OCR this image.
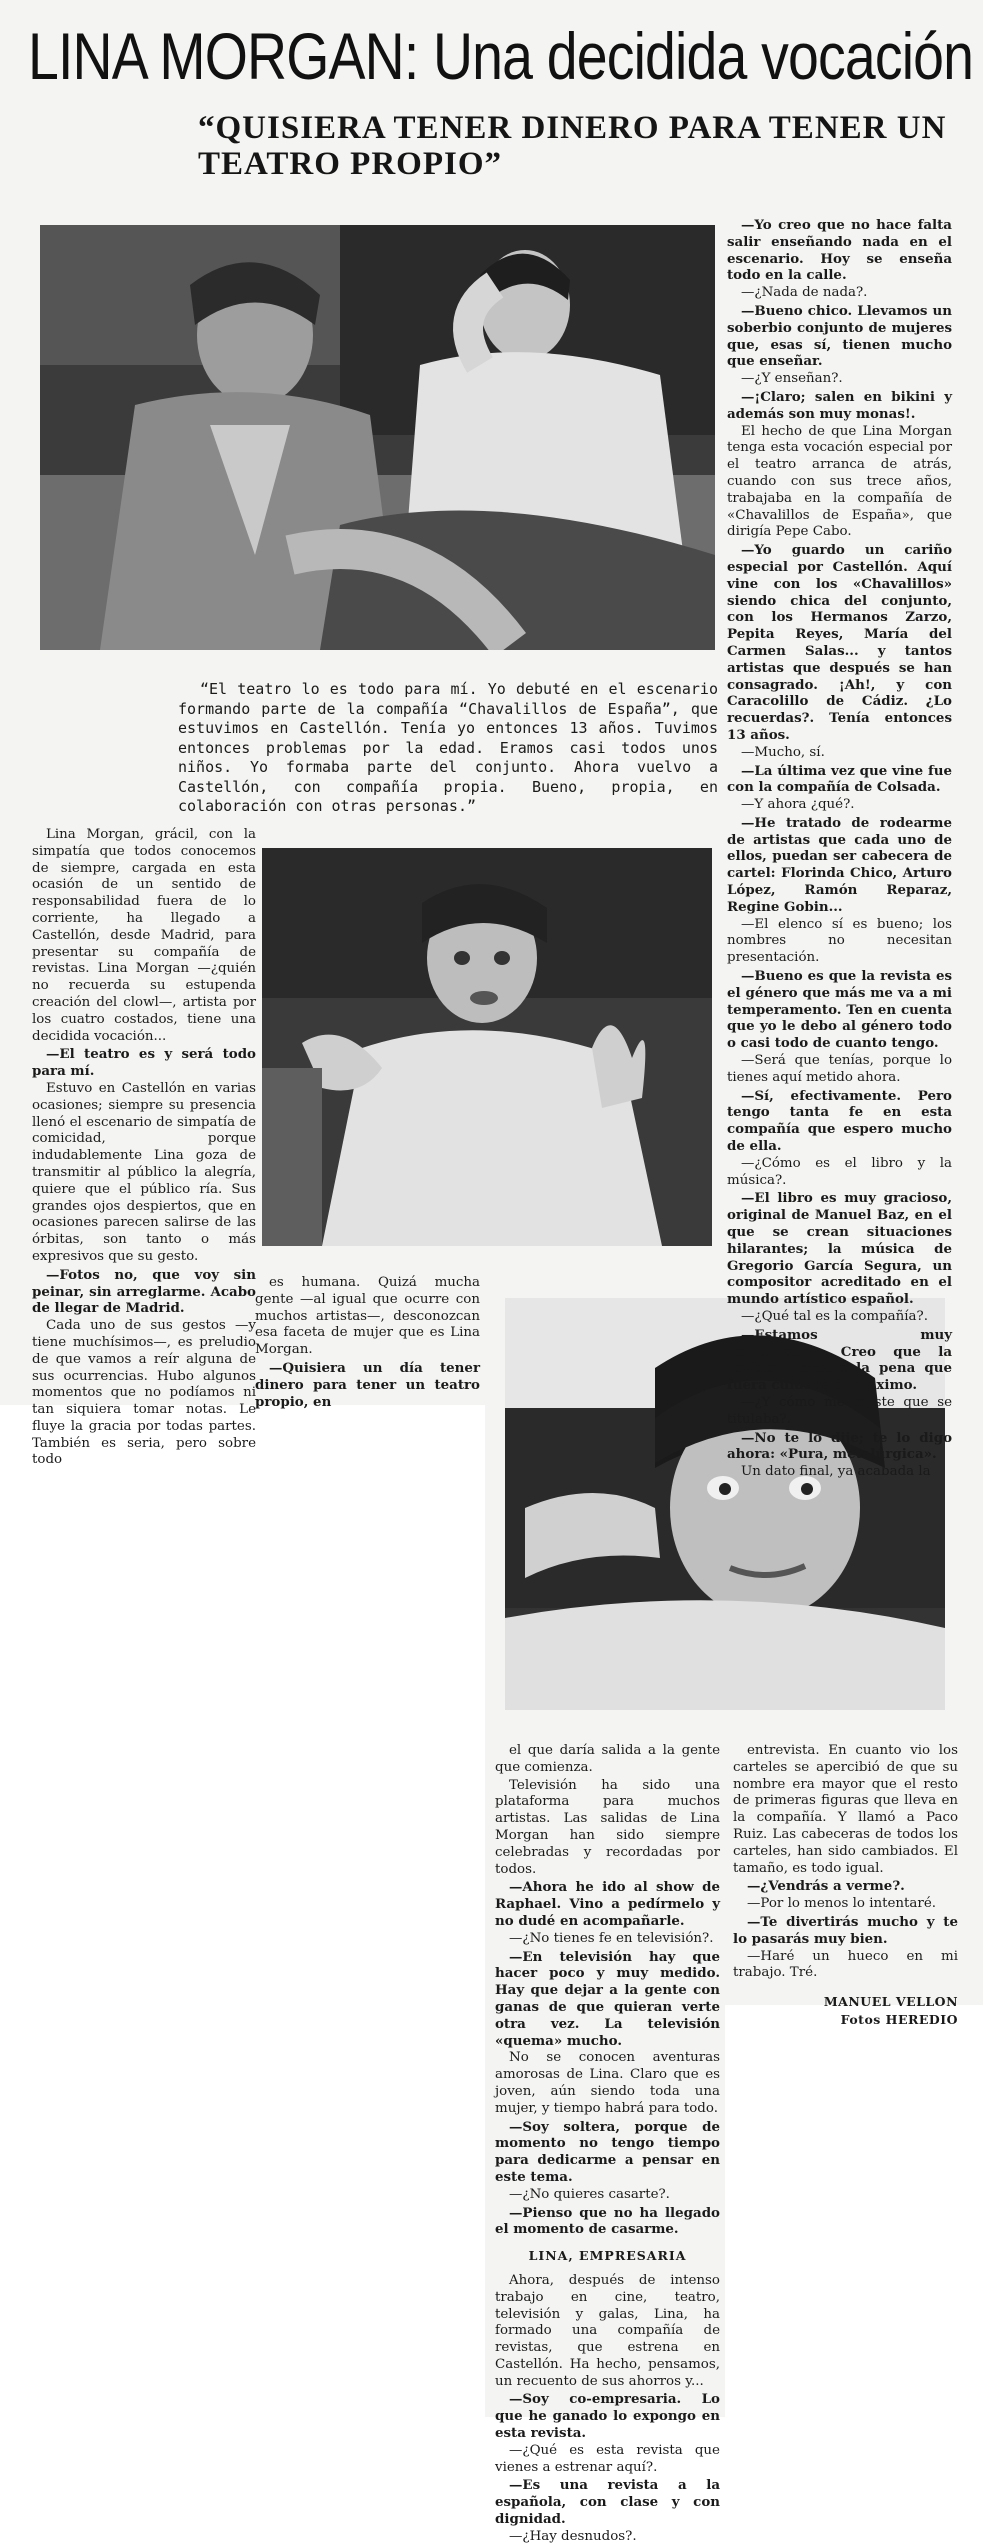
LINA MORGAN: Una decidida vocación
“QUISIERA TENER DINERO PARA TENER UN TEATRO PROPIO”

“El teatro lo es todo para mí. Yo debuté en el escenario formando parte de la compañía “Chavalillos de España”, que estuvimos en Castellón. Tenía yo entonces 13 años. Tuvimos entonces problemas por la edad. Eramos casi todos unos niños. Yo formaba parte del conjunto. Ahora vuelvo a Castellón, con compañía propia. Bueno, propia, en colaboración con otras personas.”

Lina Morgan, grácil, con la simpatía que todos conocemos de siempre, cargada en esta ocasión de un sentido de responsabilidad fuera de lo corriente, ha llegado a Castellón, desde Madrid, para presentar su compañía de revistas. Lina Morgan —¿quién no recuerda su estupenda creación del clowl—, artista por los cuatro costados, tiene una decidida vocación...

—El teatro es y será todo para mí.

Estuvo en Castellón en varias ocasiones; siempre su presencia llenó el escenario de simpatía de comicidad, porque indudablemente Lina goza de transmitir al público la alegría, quiere que el público ría. Sus grandes ojos despiertos, que en ocasiones parecen salirse de las órbitas, son tanto o más expresivos que su gesto.

—Fotos no, que voy sin peinar, sin arreglarme. Acabo de llegar de Madrid.

Cada uno de sus gestos —y tiene muchísimos—, es preludio de que vamos a reír alguna de sus ocurrencias. Hubo algunos momentos que no podíamos ni tan siquiera tomar notas. Le fluye la gracia por todas partes. También es seria, pero sobre todo

es humana. Quizá mucha gente —al igual que ocurre con muchos artistas—, desconozcan esa faceta de mujer que es Lina Morgan.

—Quisiera un día tener dinero para tener un teatro propio, en

—Yo creo que no hace falta salir enseñando nada en el escenario. Hoy se enseña todo en la calle.

—¿Nada de nada?.

—Bueno chico. Llevamos un soberbio conjunto de mujeres que, esas sí, tienen mucho que enseñar.

—¿Y enseñan?.

—¡Claro; salen en bikini y además son muy monas!.

El hecho de que Lina Morgan tenga esta vocación especial por el teatro arranca de atrás, cuando con sus trece años, trabajaba en la compañía de «Chavalillos de España», que dirigía Pepe Cabo.

—Yo guardo un cariño especial por Castellón. Aquí vine con los «Chavalillos» siendo chica del conjunto, con los Hermanos Zarzo, Pepita Reyes, María del Carmen Salas... y tantos artistas que después se han consagrado. ¡Ah!, y con Caracolillo de Cádiz. ¿Lo recuerdas?. Tenía entonces 13 años.

—Mucho, sí.

—La última vez que vine fue con la compañía de Colsada.

—Y ahora ¿qué?.

—He tratado de rodearme de artistas que cada uno de ellos, puedan ser cabecera de cartel: Florinda Chico, Arturo López, Ramón Reparaz, Regine Gobin...

—El elenco sí es bueno; los nombres no necesitan presentación.

—Bueno es que la revista es el género que más me va a mi temperamento. Ten en cuenta que yo le debo al género todo o casi todo de cuanto tengo.

—Será que tenías, porque lo tienes aquí metido ahora.

—Sí, efectivamente. Pero tengo tanta fe en esta compañía que espero mucho de ella.

—¿Cómo es el libro y la música?.

—El libro es muy gracioso, original de Manuel Baz, en el que se crean situaciones hilarantes; la música de Gregorio García Segura, un compositor acreditado en el mundo artístico español.

—¿Qué tal es la compañía?.

—Estamos muy conjuntados. Creo que la revista merecía la pena que fuera cuidada al máximo.

—¿Y cómo me dijiste que se titulaba?.

—No te lo dije; te lo digo ahora: «Pura, metalúrgica».

Un dato final, ya acabada la

el que daría salida a la gente que comienza.

Televisión ha sido una plataforma para muchos artistas. Las salidas de Lina Morgan han sido siempre celebradas y recordadas por todos.

—Ahora he ido al show de Raphael. Vino a pedírmelo y no dudé en acompañarle.

—¿No tienes fe en televisión?.

—En televisión hay que hacer poco y muy medido. Hay que dejar a la gente con ganas de que quieran verte otra vez. La televisión «quema» mucho.

No se conocen aventuras amorosas de Lina. Claro que es joven, aún siendo toda una mujer, y tiempo habrá para todo.

—Soy soltera, porque de momento no tengo tiempo para dedicarme a pensar en este tema.

—¿No quieres casarte?.

—Pienso que no ha llegado el momento de casarme.

LINA, EMPRESARIA

Ahora, después de intenso trabajo en cine, teatro, televisión y galas, Lina, ha formado una compañía de revistas, que estrena en Castellón. Ha hecho, pensamos, un recuento de sus ahorros y...

—Soy co-empresaria. Lo que he ganado lo expongo en esta revista.

—¿Qué es esta revista que vienes a estrenar aquí?.

—Es una revista a la española, con clase y con dignidad.

—¿Hay desnudos?.

entrevista. En cuanto vio los carteles se apercibió de que su nombre era mayor que el resto de primeras figuras que lleva en la compañía. Y llamó a Paco Ruiz. Las cabeceras de todos los carteles, han sido cambiados. El tamaño, es todo igual.

—¿Vendrás a verme?.

—Por lo menos lo intentaré.

—Te divertirás mucho y te lo pasarás muy bien.

—Haré un hueco en mi trabajo. Tré.

MANUEL VELLON

Fotos HEREDIO
